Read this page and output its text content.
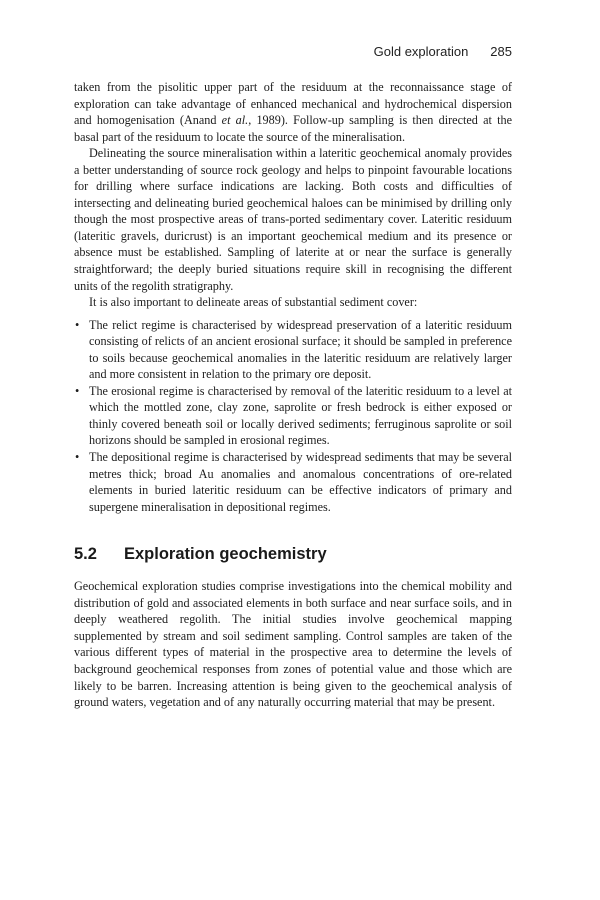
Gold exploration 285

taken from the pisolitic upper part of the residuum at the reconnaissance stage of exploration can take advantage of enhanced mechanical and hydrochemical dispersion and homogenisation (Anand et al., 1989). Follow-up sampling is then directed at the basal part of the residuum to locate the source of the mineralisation.

Delineating the source mineralisation within a lateritic geochemical anomaly provides a better understanding of source rock geology and helps to pinpoint favourable locations for drilling where surface indications are lacking. Both costs and difficulties of intersecting and delineating buried geochemical haloes can be minimised by drilling only though the most prospective areas of trans-ported sedimentary cover. Lateritic residuum (lateritic gravels, duricrust) is an important geochemical medium and its presence or absence must be established. Sampling of laterite at or near the surface is generally straightforward; the deeply buried situations require skill in recognising the different units of the regolith stratigraphy.

It is also important to delineate areas of substantial sediment cover:

• The relict regime is characterised by widespread preservation of a lateritic residuum consisting of relicts of an ancient erosional surface; it should be sampled in preference to soils because geochemical anomalies in the lateritic residuum are relatively larger and more consistent in relation to the primary ore deposit.
• The erosional regime is characterised by removal of the lateritic residuum to a level at which the mottled zone, clay zone, saprolite or fresh bedrock is either exposed or thinly covered beneath soil or locally derived sediments; ferruginous saprolite or soil horizons should be sampled in erosional regimes.
• The depositional regime is characterised by widespread sediments that may be several metres thick; broad Au anomalies and anomalous concentrations of ore-related elements in buried lateritic residuum can be effective indicators of primary and supergene mineralisation in depositional regimes.
5.2 Exploration geochemistry

Geochemical exploration studies comprise investigations into the chemical mobility and distribution of gold and associated elements in both surface and near surface soils, and in deeply weathered regolith. The initial studies involve geochemical mapping supplemented by stream and soil sediment sampling. Control samples are taken of the various different types of material in the prospective area to determine the levels of background geochemical responses from zones of potential value and those which are likely to be barren. Increasing attention is being given to the geochemical analysis of ground waters, vegetation and of any naturally occurring material that may be present.
